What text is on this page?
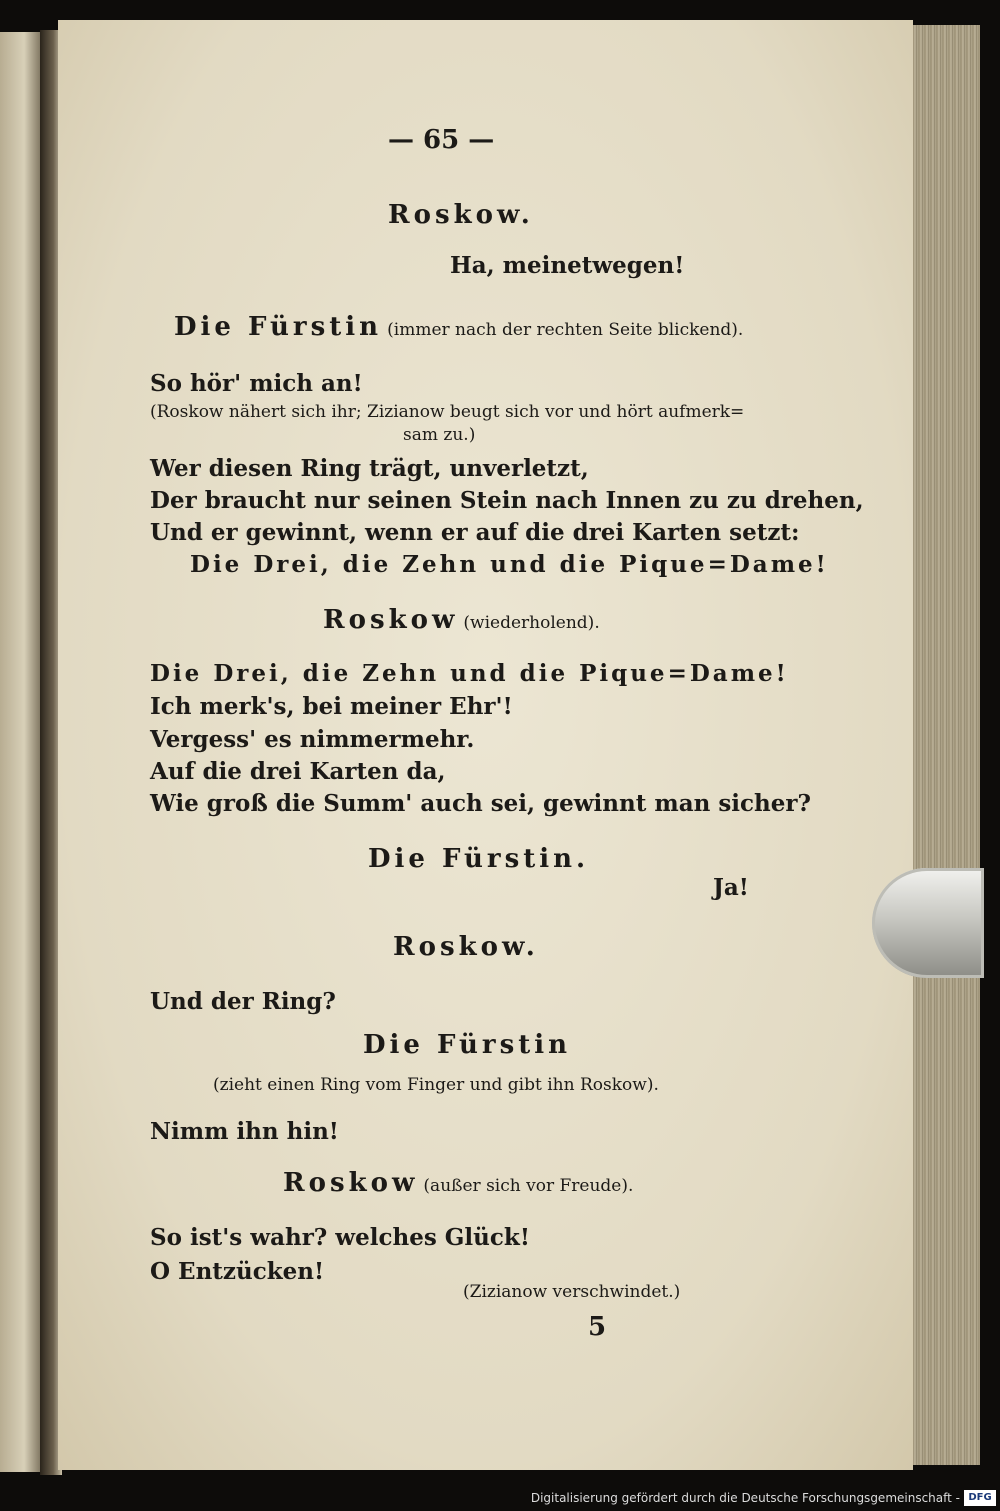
— 65 —
Roskow.
Ha, meinetwegen!
Die Fürstin (immer nach der rechten Seite blickend).
So hör' mich an!
(Roskow nähert sich ihr; Zizianow beugt sich vor und hört aufmerk=
sam zu.)
Wer diesen Ring trägt, unverletzt,
Der braucht nur seinen Stein nach Innen zu zu drehen,
Und er gewinnt, wenn er auf die drei Karten setzt:
Die Drei, die Zehn und die Pique=Dame!
Roskow (wiederholend).
Die Drei, die Zehn und die Pique=Dame!
Ich merk's, bei meiner Ehr'!
Vergess' es nimmermehr.
Auf die drei Karten da,
Wie groß die Summ' auch sei, gewinnt man sicher?
Die Fürstin.
Ja!
Roskow.
Und der Ring?
Die Fürstin
(zieht einen Ring vom Finger und gibt ihn Roskow).
Nimm ihn hin!
Roskow (außer sich vor Freude).
So ist's wahr? welches Glück!
O Entzücken!
(Zizianow verschwindet.)
5
Digitalisierung gefördert durch die Deutsche Forschungsgemeinschaft - DFG
